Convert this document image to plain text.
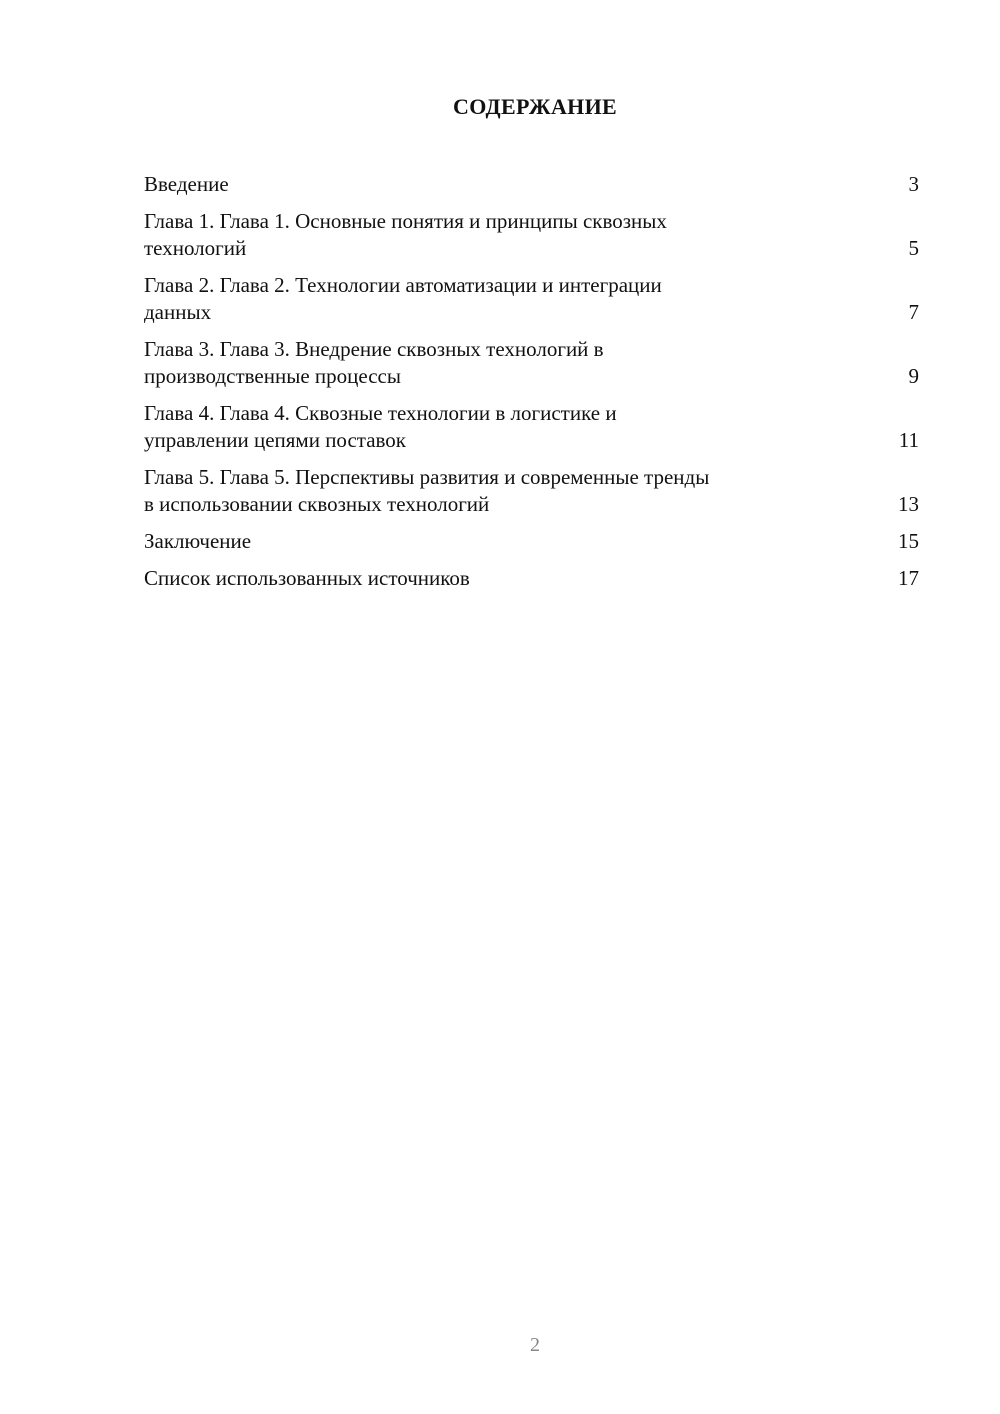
СОДЕРЖАНИЕ
Введение	3
Глава 1. Глава 1. Основные понятия и принципы сквозных
технологий	5
Глава 2. Глава 2. Технологии автоматизации и интеграции
данных	7
Глава 3. Глава 3. Внедрение сквозных технологий в
производственные процессы	9
Глава 4. Глава 4. Сквозные технологии в логистике и
управлении цепями поставок	11
Глава 5. Глава 5. Перспективы развития и современные тренды
в использовании сквозных технологий	13
Заключение	15
Список использованных источников	17
2
